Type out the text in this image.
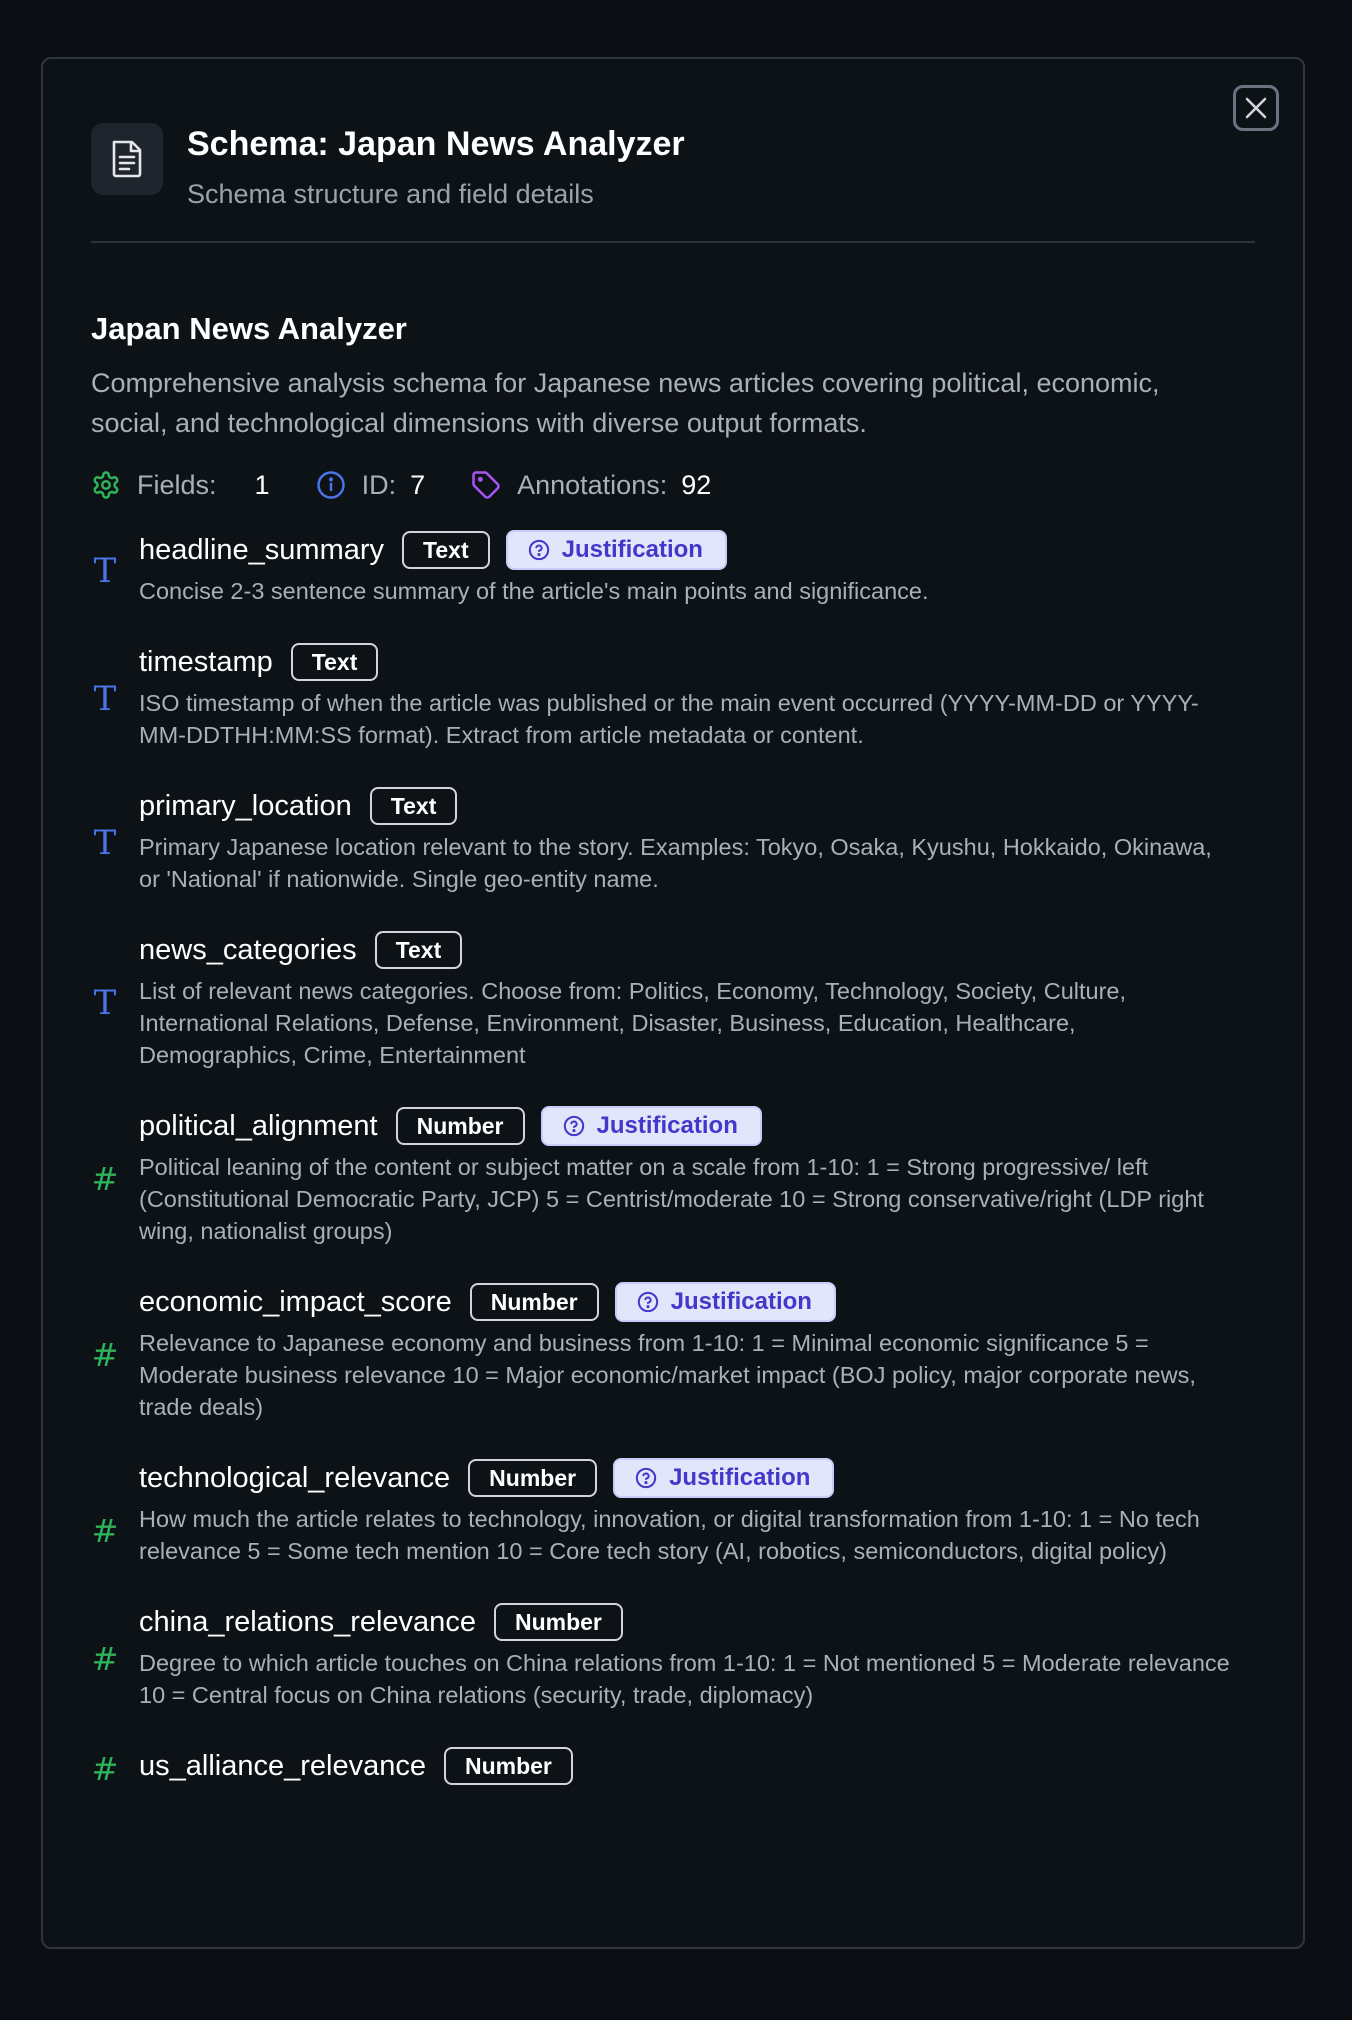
Schema: Japan News Analyzer
Schema structure and field details
Japan News Analyzer

Comprehensive analysis schema for Japanese news articles covering political, economic, social, and technological dimensions with diverse output formats.

Fields: 1	ID: 7	Annotations: 92
T
headline_summary	Text	Justification
Concise 2-3 sentence summary of the article's main points and significance.
T
timestamp	Text
ISO timestamp of when the article was published or the main event occurred (YYYY-MM-DD or YYYY-MM-DDTHH:MM:SS format). Extract from article metadata or content.
T
primary_location	Text
Primary Japanese location relevant to the story. Examples: Tokyo, Osaka, Kyushu, Hokkaido, Okinawa, or 'National' if nationwide. Single geo-entity name.
T
news_categories	Text
List of relevant news categories. Choose from: Politics, Economy, Technology, Society, Culture, International Relations, Defense, Environment, Disaster, Business, Education, Healthcare, Demographics, Crime, Entertainment
#
political_alignment	Number	Justification
Political leaning of the content or subject matter on a scale from 1-10: 1 = Strong progressive/ left (Constitutional Democratic Party, JCP) 5 = Centrist/moderate 10 = Strong conservative/right (LDP right wing, nationalist groups)
#
economic_impact_score	Number	Justification
Relevance to Japanese economy and business from 1-10: 1 = Minimal economic significance 5 = Moderate business relevance 10 = Major economic/market impact (BOJ policy, major corporate news, trade deals)
#
technological_relevance	Number	Justification
How much the article relates to technology, innovation, or digital transformation from 1-10: 1 = No tech relevance 5 = Some tech mention 10 = Core tech story (AI, robotics, semiconductors, digital policy)
#
china_relations_relevance	Number
Degree to which article touches on China relations from 1-10: 1 = Not mentioned 5 = Moderate relevance 10 = Central focus on China relations (security, trade, diplomacy)
# us_alliance_relevance	Number
